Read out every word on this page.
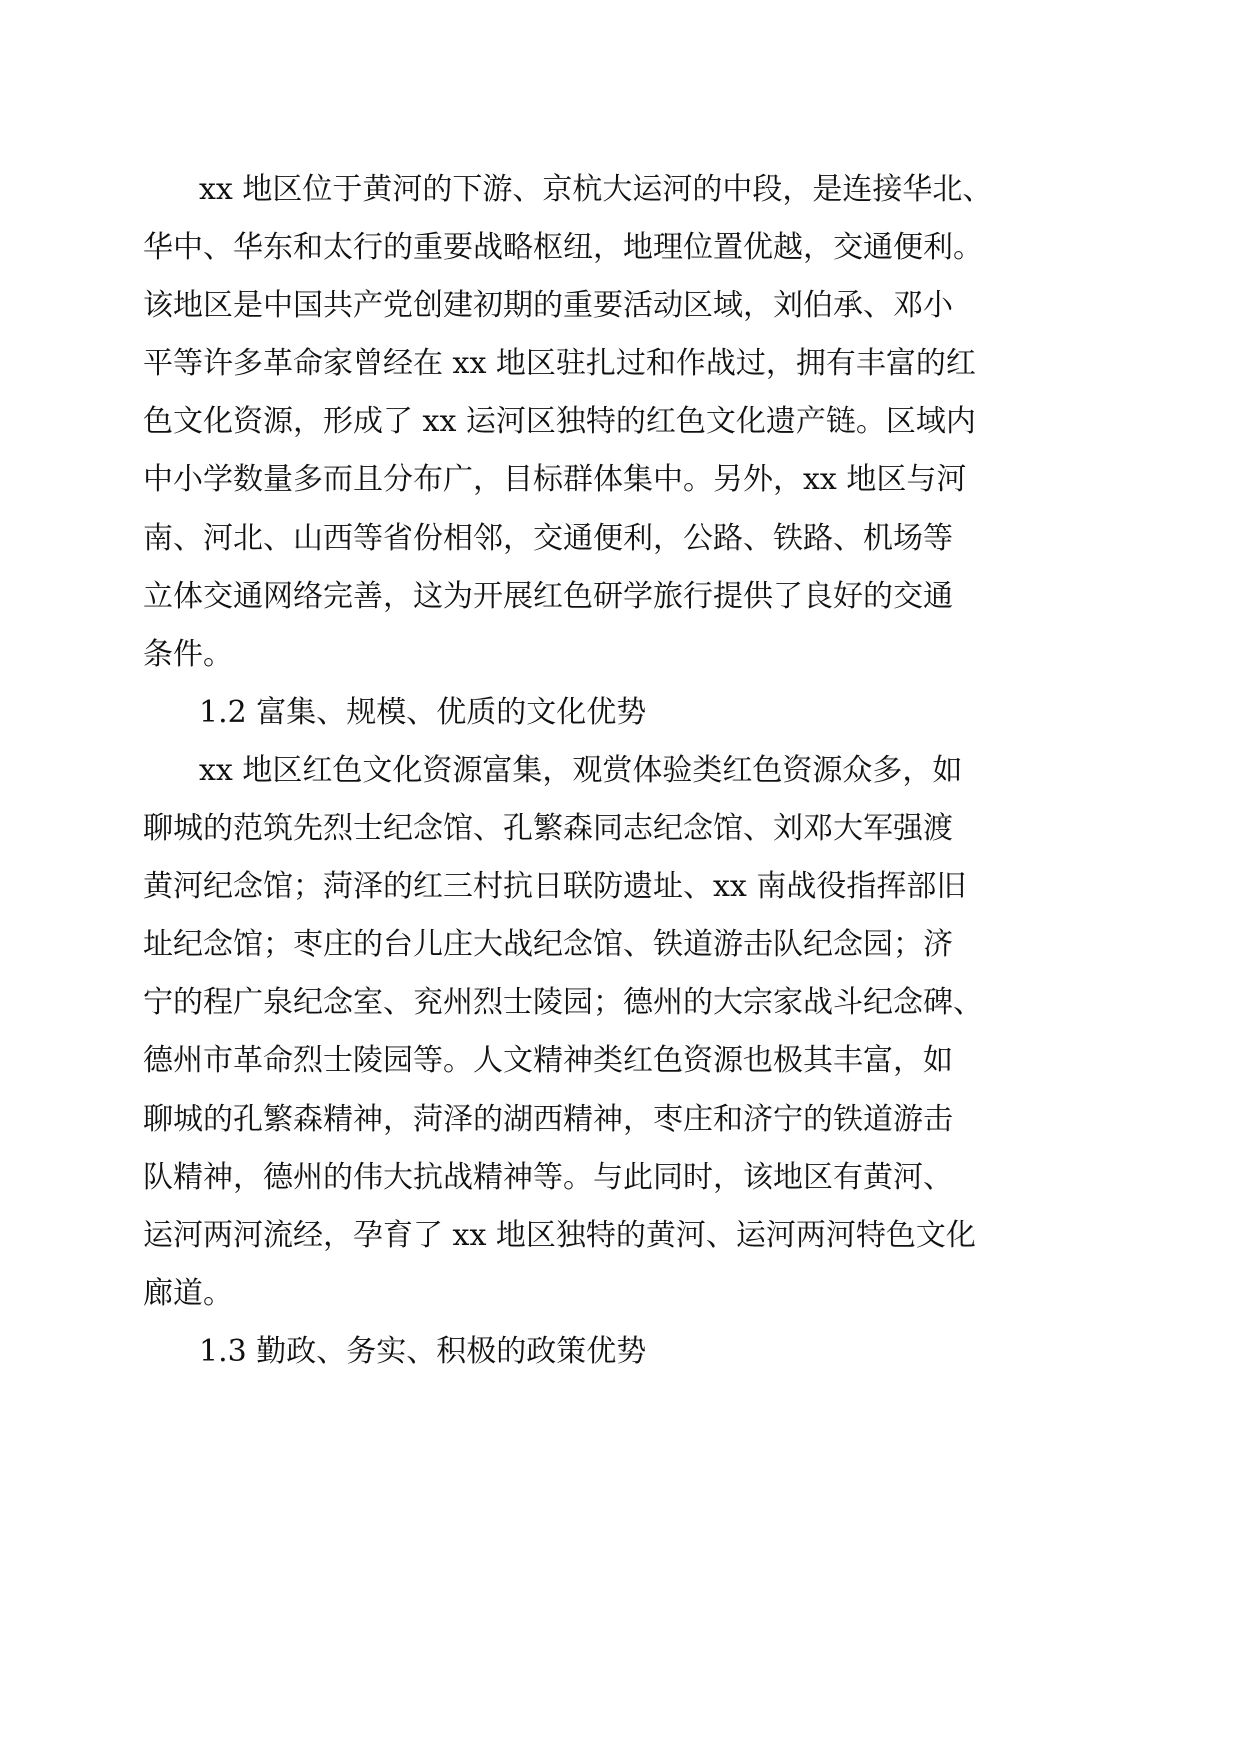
xx 地区位于黄河的下游、京杭大运河的中段，是连接华北、
华中、华东和太行的重要战略枢纽，地理位置优越，交通便利。
该地区是中国共产党创建初期的重要活动区域，刘伯承、邓小
平等许多革命家曾经在 xx 地区驻扎过和作战过，拥有丰富的红
色文化资源，形成了 xx 运河区独特的红色文化遗产链。区域内
中小学数量多而且分布广，目标群体集中。另外，xx 地区与河
南、河北、山西等省份相邻，交通便利，公路、铁路、机场等
立体交通网络完善，这为开展红色研学旅行提供了良好的交通
条件。
1.2 富集、规模、优质的文化优势
xx 地区红色文化资源富集，观赏体验类红色资源众多，如
聊城的范筑先烈士纪念馆、孔繁森同志纪念馆、刘邓大军强渡
黄河纪念馆；菏泽的红三村抗日联防遗址、xx 南战役指挥部旧
址纪念馆；枣庄的台儿庄大战纪念馆、铁道游击队纪念园；济
宁的程广泉纪念室、兖州烈士陵园；德州的大宗家战斗纪念碑、
德州市革命烈士陵园等。人文精神类红色资源也极其丰富，如
聊城的孔繁森精神，菏泽的湖西精神，枣庄和济宁的铁道游击
队精神，德州的伟大抗战精神等。与此同时，该地区有黄河、
运河两河流经，孕育了 xx 地区独特的黄河、运河两河特色文化
廊道。
1.3 勤政、务实、积极的政策优势
